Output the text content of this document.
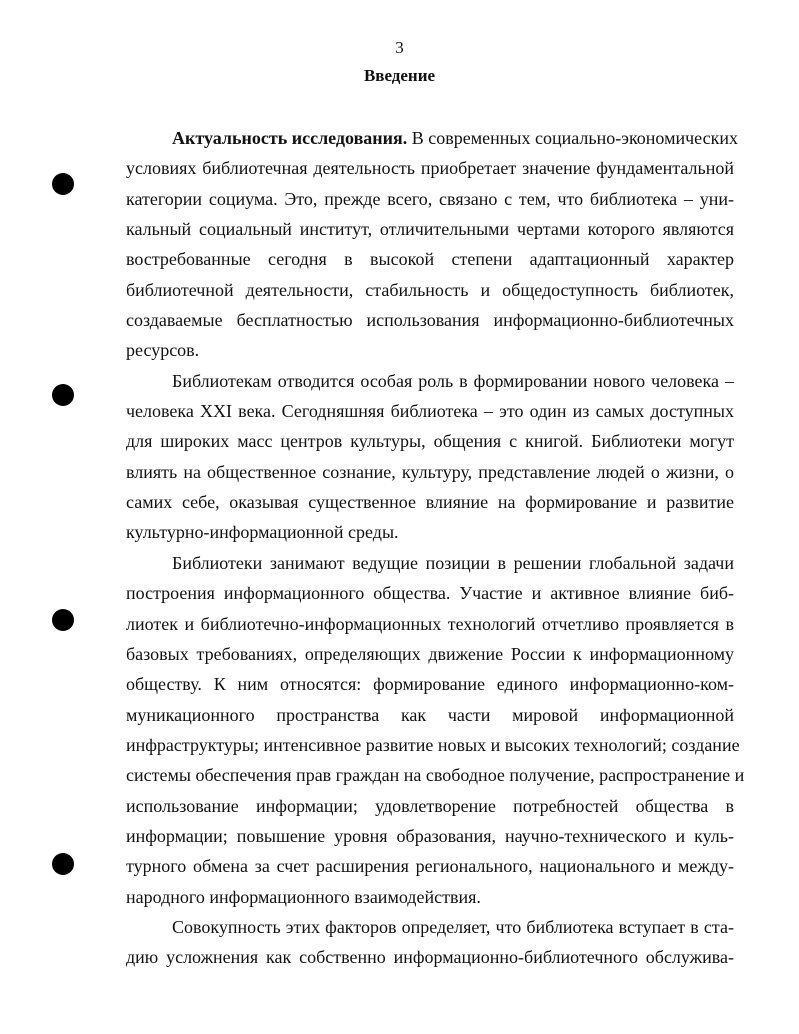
3
Введение
Актуальность исследования. В современных социально-экономических
условиях библиотечная деятельность приобретает значение фундаментальной
категории социума. Это, прежде всего, связано с тем, что библиотека – уни-
кальный социальный институт, отличительными чертами которого являются
востребованные сегодня в высокой степени адаптационный характер
библиотечной деятельности, стабильность и общедоступность библиотек,
создаваемые бесплатностью использования информационно-библиотечных
ресурсов.
Библиотекам отводится особая роль в формировании нового человека –
человека XXI века. Сегодняшняя библиотека – это один из самых доступных
для широких масс центров культуры, общения с книгой. Библиотеки могут
влиять на общественное сознание, культуру, представление людей о жизни, о
самих себе, оказывая существенное влияние на формирование и развитие
культурно-информационной среды.
Библиотеки занимают ведущие позиции в решении глобальной задачи
построения информационного общества. Участие и активное влияние биб-
лиотек и библиотечно-информационных технологий отчетливо проявляется в
базовых требованиях, определяющих движение России к информационному
обществу. К ним относятся: формирование единого информационно-ком-
муникационного пространства как части мировой информационной
инфраструктуры; интенсивное развитие новых и высоких технологий; создание
системы обеспечения прав граждан на свободное получение, распространение и
использование информации; удовлетворение потребностей общества в
информации; повышение уровня образования, научно-технического и куль-
турного обмена за счет расширения регионального, национального и между-
народного информационного взаимодействия.
Совокупность этих факторов определяет, что библиотека вступает в ста-
дию усложнения как собственно информационно-библиотечного обслужива-
